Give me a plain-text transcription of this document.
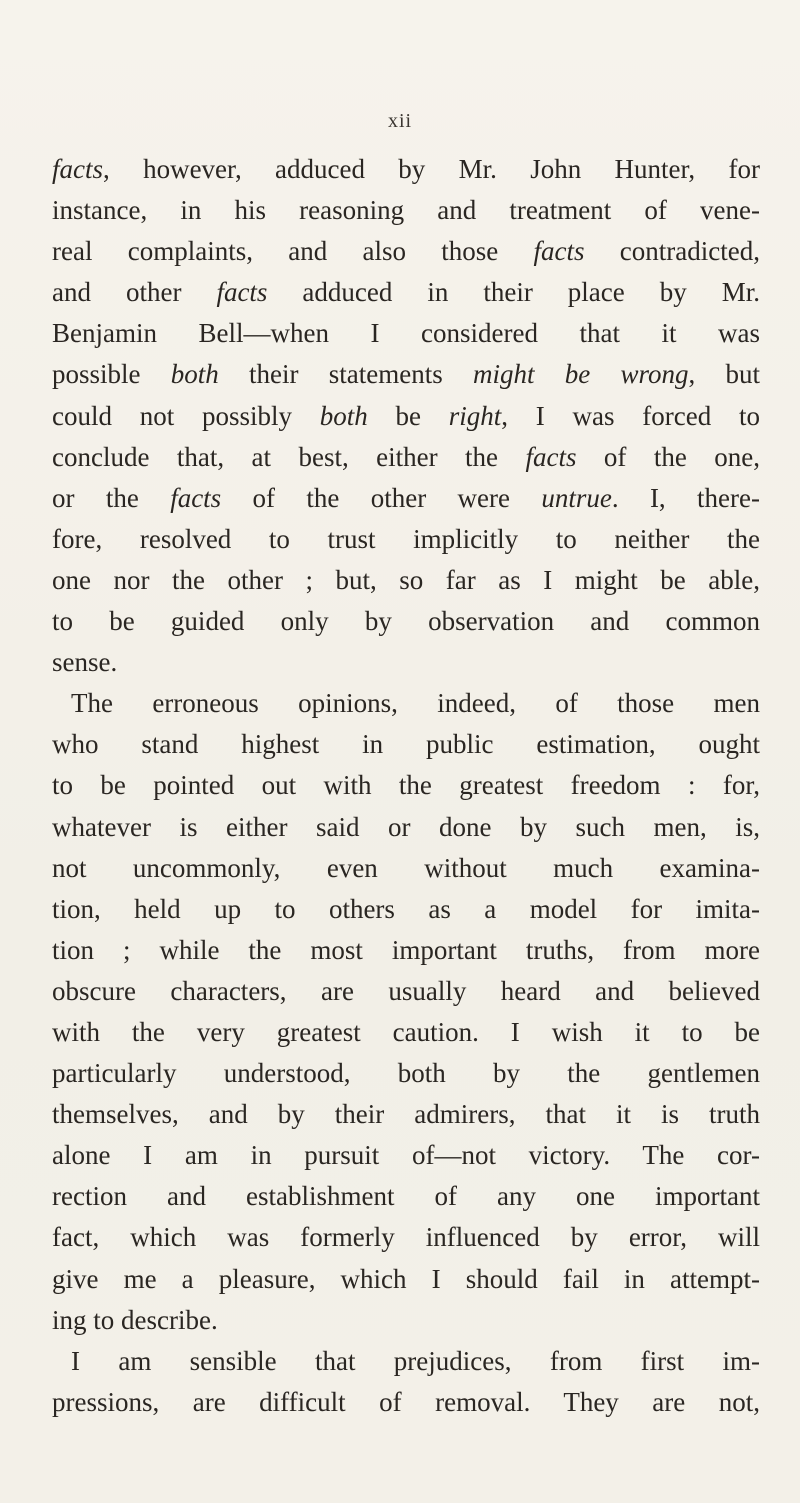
xii
facts, however, adduced by Mr. John Hunter, for
instance, in his reasoning and treatment of vene-
real complaints, and also those facts contradicted,
and other facts adduced in their place by Mr.
Benjamin Bell—when I considered that it was
possible both their statements might be wrong, but
could not possibly both be right, I was forced to
conclude that, at best, either the facts of the one,
or the facts of the other were untrue. I, there-
fore, resolved to trust implicitly to neither the
one nor the other ; but, so far as I might be able,
to be guided only by observation and common
sense.
The erroneous opinions, indeed, of those men
who stand highest in public estimation, ought
to be pointed out with the greatest freedom : for,
whatever is either said or done by such men, is,
not uncommonly, even without much examina-
tion, held up to others as a model for imita-
tion ; while the most important truths, from more
obscure characters, are usually heard and believed
with the very greatest caution. I wish it to be
particularly understood, both by the gentlemen
themselves, and by their admirers, that it is truth
alone I am in pursuit of—not victory. The cor-
rection and establishment of any one important
fact, which was formerly influenced by error, will
give me a pleasure, which I should fail in attempt-
ing to describe.
I am sensible that prejudices, from first im-
pressions, are difficult of removal. They are not,
